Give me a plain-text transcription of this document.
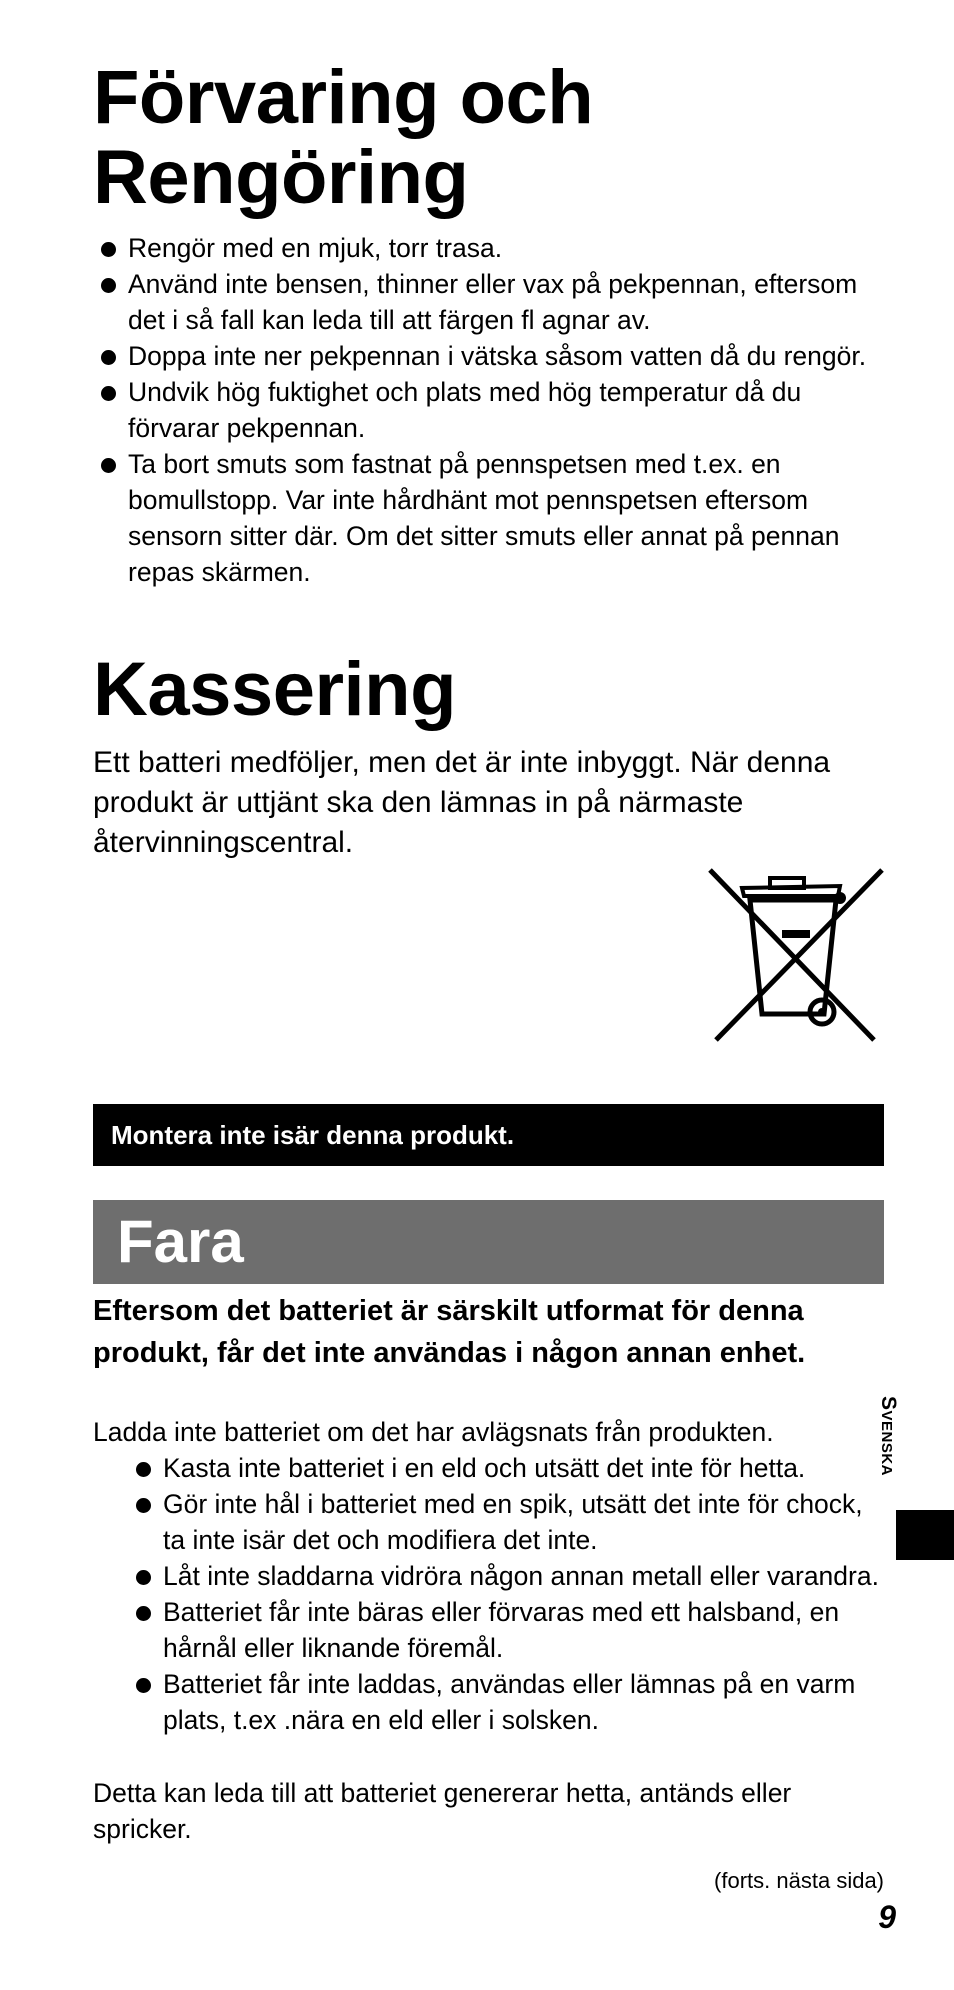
Förvaring och Rengöring
Rengör med en mjuk, torr trasa.
Använd inte bensen, thinner eller vax på pekpennan, eftersom det i så fall kan leda till att färgen fl agnar av.
Doppa inte ner pekpennan i vätska såsom vatten då du rengör.
Undvik hög fuktighet och plats med hög temperatur då du förvarar pekpennan.
Ta bort smuts som fastnat på pennspetsen med t.ex. en bomullstopp. Var inte hårdhänt mot pennspetsen eftersom sensorn sitter där. Om det sitter smuts eller annat på pennan repas skärmen.
Kassering

Ett batteri medföljer, men det är inte inbyggt. När denna produkt är uttjänt ska den lämnas in på närmaste återvinningscentral.

Montera inte isär denna produkt.
Fara

Eftersom det batteriet är särskilt utformat för denna produkt, får det inte användas i någon annan enhet.

Ladda inte batteriet om det har avlägsnats från produkten.

Kasta inte batteriet i en eld och utsätt det inte för hetta.
Gör inte hål i batteriet med en spik, utsätt det inte för chock, ta inte isär det och modifiera det inte.
Låt inte sladdarna vidröra någon annan metall eller varandra.
Batteriet får inte bäras eller förvaras med ett halsband, en hårnål eller liknande föremål.
Batteriet får inte laddas, användas eller lämnas på en varm plats, t.ex .nära en eld eller i solsken.

Detta kan leda till att batteriet genererar hetta, antänds eller spricker.

Svenska

(forts. nästa sida)

9
